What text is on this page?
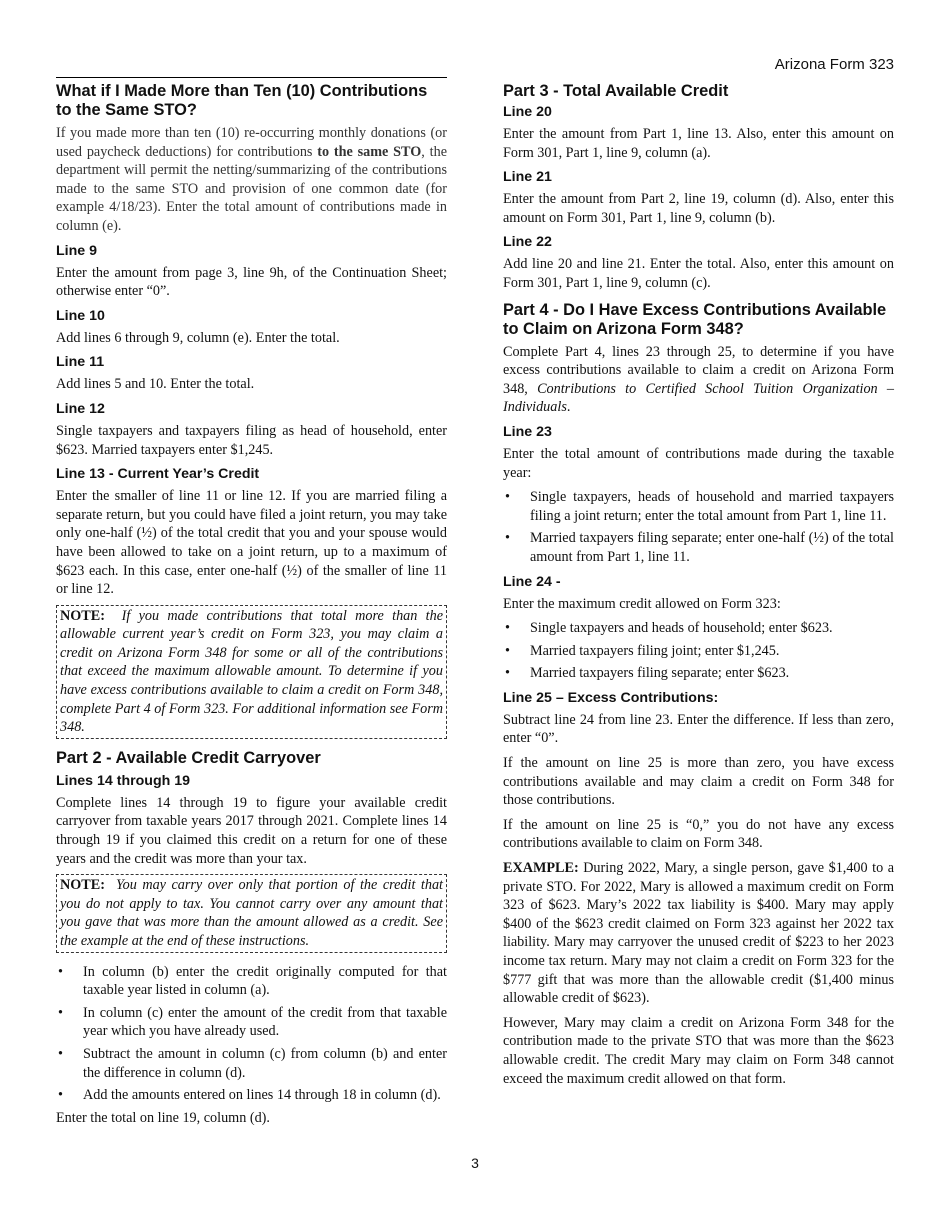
Arizona Form 323
What if I Made More than Ten (10) Contributions to the Same STO?

If you made more than ten (10) re-occurring monthly donations (or used paycheck deductions) for contributions to the same STO, the department will permit the netting/summarizing of the contributions made to the same STO and provision of one common date (for example 4/18/23). Enter the total amount of contributions made in column (e).

Line 9

Enter the amount from page 3, line 9h, of the Continuation Sheet; otherwise enter “0”.

Line 10

Add lines 6 through 9, column (e). Enter the total.

Line 11

Add lines 5 and 10. Enter the total.

Line 12

Single taxpayers and taxpayers filing as head of household, enter $623. Married taxpayers enter $1,245.

Line 13 - Current Year’s Credit

Enter the smaller of line 11 or line 12. If you are married filing a separate return, but you could have filed a joint return, you may take only one-half (½) of the total credit that you and your spouse would have been allowed to take on a joint return, up to a maximum of $623 each. In this case, enter one-half (½) of the smaller of line 11 or line 12.

NOTE: If you made contributions that total more than the allowable current year’s credit on Form 323, you may claim a credit on Arizona Form 348 for some or all of the contributions that exceed the maximum allowable amount. To determine if you have excess contributions available to claim a credit on Form 348, complete Part 4 of Form 323. For additional information see Form 348.
Part 2 - Available Credit Carryover
Lines 14 through 19

Complete lines 14 through 19 to figure your available credit carryover from taxable years 2017 through 2021. Complete lines 14 through 19 if you claimed this credit on a return for one of these years and the credit was more than your tax.

NOTE: You may carry over only that portion of the credit that you do not apply to tax. You cannot carry over any amount that you gave that was more than the amount allowed as a credit. See the example at the end of these instructions.
• In column (b) enter the credit originally computed for that taxable year listed in column (a).
• In column (c) enter the amount of the credit from that taxable year which you have already used.
• Subtract the amount in column (c) from column (b) and enter the difference in column (d).
• Add the amounts entered on lines 14 through 18 in column (d).

Enter the total on line 19, column (d).

Part 3 - Total Available Credit
Line 20

Enter the amount from Part 1, line 13. Also, enter this amount on Form 301, Part 1, line 9, column (a).

Line 21

Enter the amount from Part 2, line 19, column (d). Also, enter this amount on Form 301, Part 1, line 9, column (b).

Line 22

Add line 20 and line 21. Enter the total. Also, enter this amount on Form 301, Part 1, line 9, column (c).

Part 4 - Do I Have Excess Contributions Available to Claim on Arizona Form 348?

Complete Part 4, lines 23 through 25, to determine if you have excess contributions available to claim a credit on Arizona Form 348, Contributions to Certified School Tuition Organization – Individuals.

Line 23

Enter the total amount of contributions made during the taxable year:

• Single taxpayers, heads of household and married taxpayers filing a joint return; enter the total amount from Part 1, line 11.
• Married taxpayers filing separate; enter one-half (½) of the total amount from Part 1, line 11.
Line 24 -

Enter the maximum credit allowed on Form 323:

• Single taxpayers and heads of household; enter $623.
• Married taxpayers filing joint; enter $1,245.
• Married taxpayers filing separate; enter $623.
Line 25 – Excess Contributions:

Subtract line 24 from line 23. Enter the difference. If less than zero, enter “0”.

If the amount on line 25 is more than zero, you have excess contributions available and may claim a credit on Form 348 for those contributions.

If the amount on line 25 is “0,” you do not have any excess contributions available to claim on Form 348.

EXAMPLE: During 2022, Mary, a single person, gave $1,400 to a private STO. For 2022, Mary is allowed a maximum credit on Form 323 of $623. Mary’s 2022 tax liability is $400. Mary may apply $400 of the $623 credit claimed on Form 323 against her 2022 tax liability. Mary may carryover the unused credit of $223 to her 2023 income tax return. Mary may not claim a credit on Form 323 for the $777 gift that was more than the allowable credit ($1,400 minus allowable credit of $623).

However, Mary may claim a credit on Arizona Form 348 for the contribution made to the private STO that was more than the $623 allowable credit. The credit Mary may claim on Form 348 cannot exceed the maximum credit allowed on that form.

3
